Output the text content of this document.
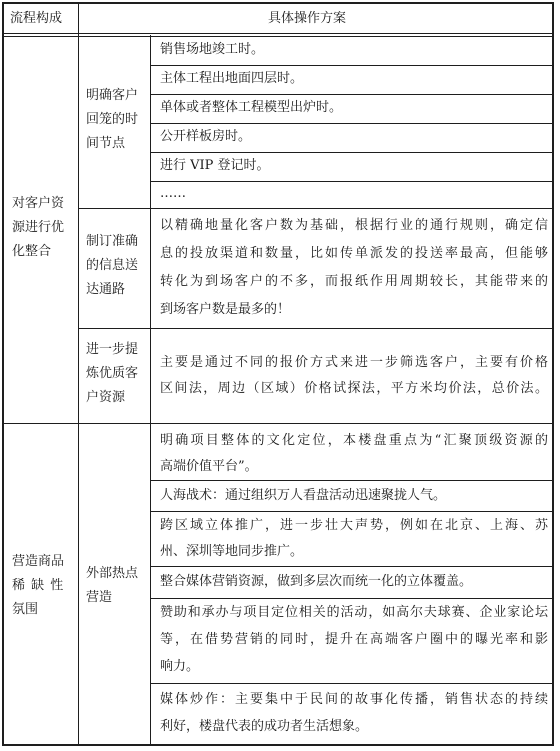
流程构成	具体操作方案
对客户资
源进行优
化整合
明确客户
回笼的时
间节点
销售场地竣工时。
主体工程出地面四层时。
单体或者整体工程模型出炉时。
公开样板房时。
进行 VIP 登记时。
……
制订准确
的信息送
达通路
以精确地量化客户数为基础，根据行业的通行规则，确定信
息的投放渠道和数量，比如传单派发的投送率最高，但能够
转化为到场客户的不多，而报纸作用周期较长，其能带来的
到场客户数是最多的！
进一步提
炼优质客
户资源
主要是通过不同的报价方式来进一步筛选客户，主要有价格
区间法，周边（区域）价格试探法，平方米均价法，总价法。
营造商品
稀 缺 性
氛围
外部热点
营造
明确项目整体的文化定位，本楼盘重点为“汇聚顶级资源的
高端价值平台”。
人海战术：通过组织万人看盘活动迅速聚拢人气。
跨区域立体推广，进一步壮大声势，例如在北京、上海、苏
州、深圳等地同步推广。
整合媒体营销资源，做到多层次而统一化的立体覆盖。
赞助和承办与项目定位相关的活动，如高尔夫球赛、企业家论坛
等，在借势营销的同时，提升在高端客户圈中的曝光率和影
响力。
媒体炒作：主要集中于民间的故事化传播，销售状态的持续
利好，楼盘代表的成功者生活想象。
